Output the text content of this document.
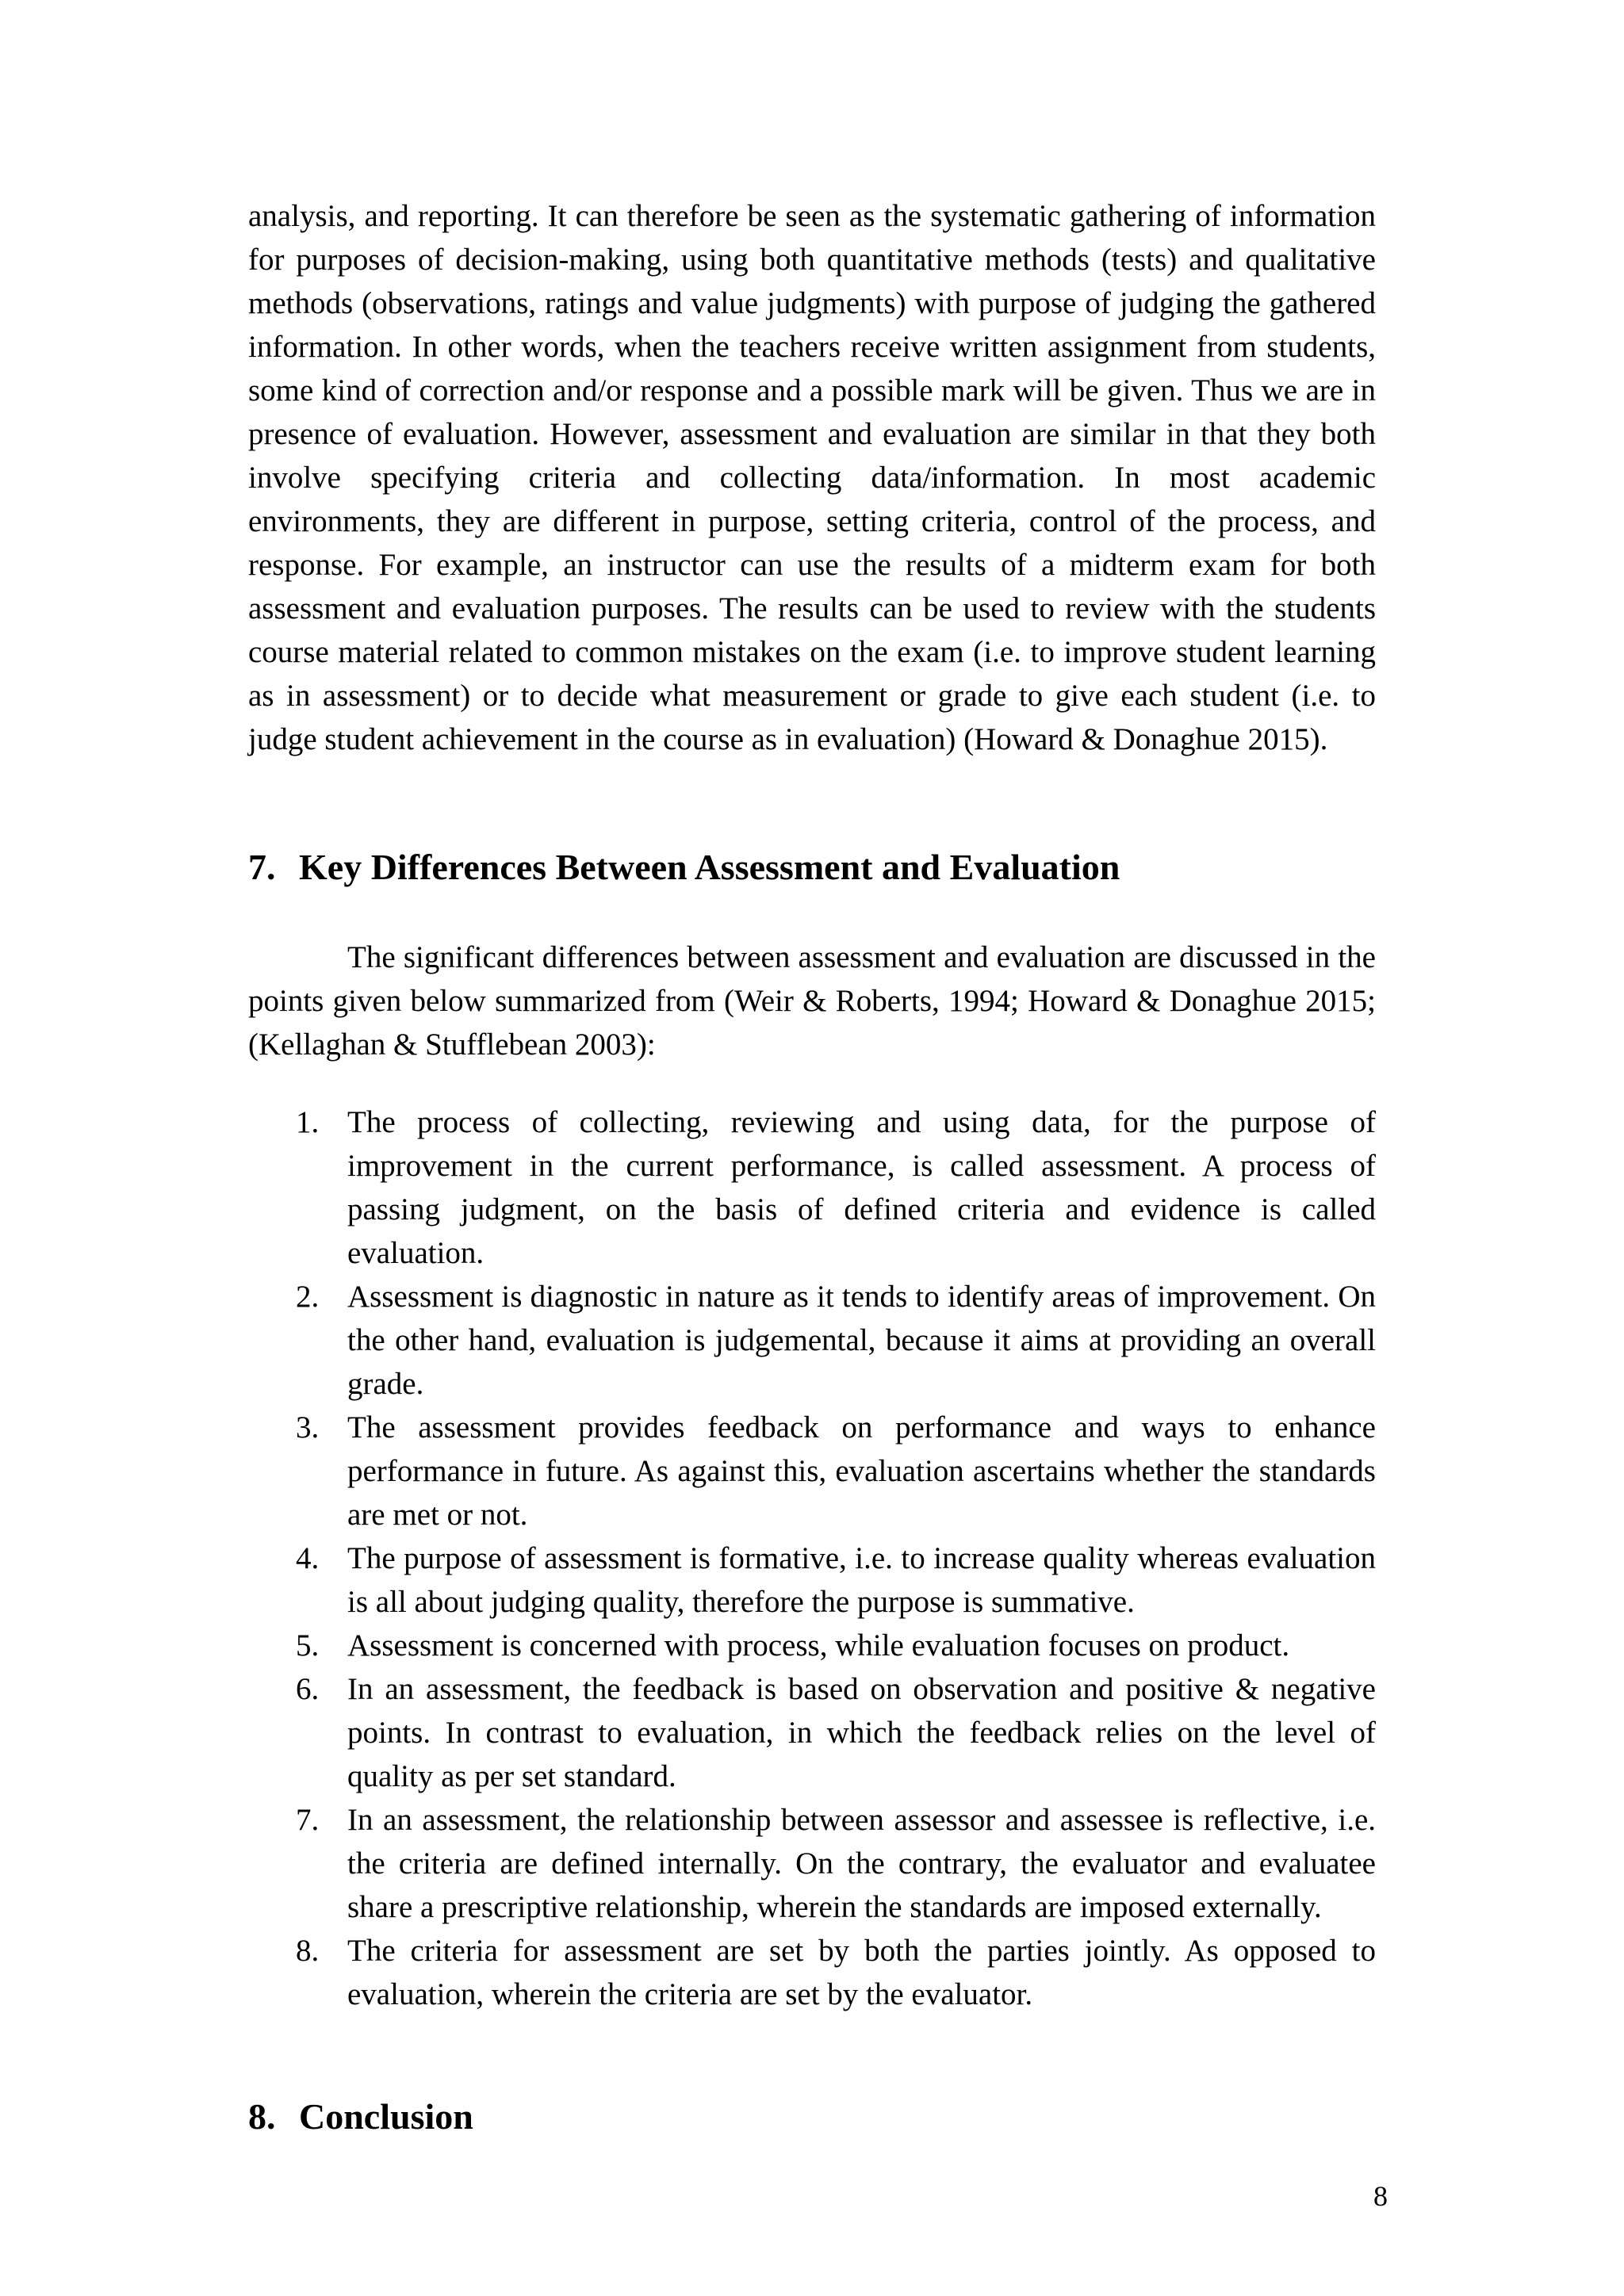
analysis, and reporting. It can therefore be seen as the systematic gathering of information for purposes of decision-making, using both quantitative methods (tests) and qualitative methods (observations, ratings and value judgments) with purpose of judging the gathered information. In other words, when the teachers receive written assignment from students, some kind of correction and/or response and a possible mark will be given. Thus we are in presence of evaluation. However, assessment and evaluation are similar in that they both involve specifying criteria and collecting data/information. In most academic environments, they are different in purpose, setting criteria, control of the process, and response. For example, an instructor can use the results of a midterm exam for both assessment and evaluation purposes. The results can be used to review with the students course material related to common mistakes on the exam (i.e. to improve student learning as in assessment) or to decide what measurement or grade to give each student (i.e. to judge student achievement in the course as in evaluation) (Howard & Donaghue 2015).

7. Key Differences Between Assessment and Evaluation

The significant differences between assessment and evaluation are discussed in the points given below summarized from (Weir & Roberts, 1994; Howard & Donaghue 2015; (Kellaghan & Stufflebean 2003):

1. The process of collecting, reviewing and using data, for the purpose of improvement in the current performance, is called assessment. A process of passing judgment, on the basis of defined criteria and evidence is called evaluation.
2. Assessment is diagnostic in nature as it tends to identify areas of improvement. On the other hand, evaluation is judgemental, because it aims at providing an overall grade.
3. The assessment provides feedback on performance and ways to enhance performance in future. As against this, evaluation ascertains whether the standards are met or not.
4. The purpose of assessment is formative, i.e. to increase quality whereas evaluation is all about judging quality, therefore the purpose is summative.
5. Assessment is concerned with process, while evaluation focuses on product.
6. In an assessment, the feedback is based on observation and positive & negative points. In contrast to evaluation, in which the feedback relies on the level of quality as per set standard.
7. In an assessment, the relationship between assessor and assessee is reflective, i.e. the criteria are defined internally. On the contrary, the evaluator and evaluatee share a prescriptive relationship, wherein the standards are imposed externally.
8. The criteria for assessment are set by both the parties jointly. As opposed to evaluation, wherein the criteria are set by the evaluator.
8. Conclusion
8
